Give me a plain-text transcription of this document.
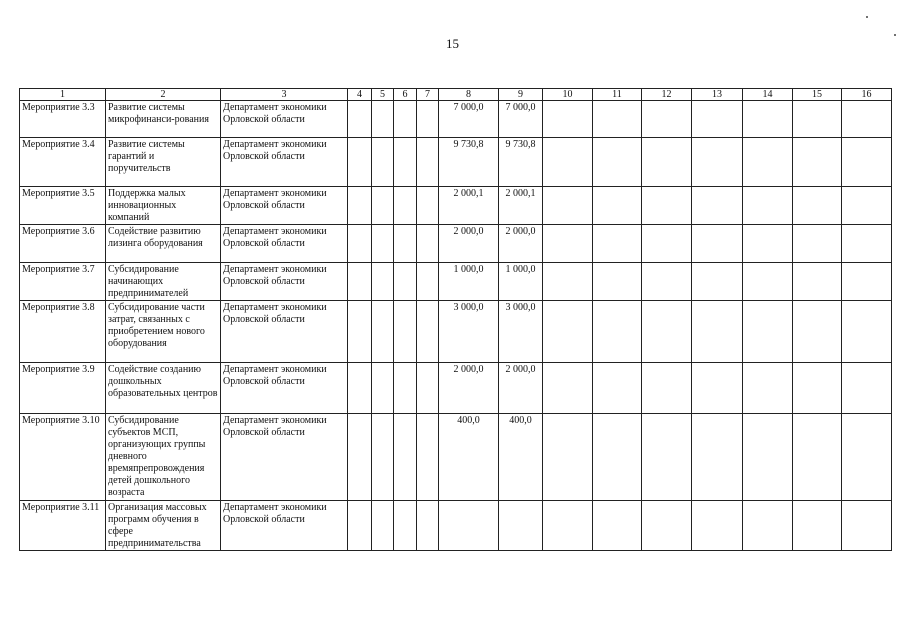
15
1	2	3	4	5	6	7	8	9	10	11	12	13	14	15	16
Мероприятие 3.3	Развитие системы микрофинанси-рования	Департамент экономики Орловской области					7 000,0	7 000,0							
Мероприятие 3.4	Развитие системы гарантий и поручительств	Департамент экономики Орловской области					9 730,8	9 730,8							
Мероприятие 3.5	Поддержка малых инновационных компаний	Департамент экономики Орловской области					2 000,1	2 000,1							
Мероприятие 3.6	Содействие развитию лизинга оборудования	Департамент экономики Орловской области					2 000,0	2 000,0							
Мероприятие 3.7	Субсидирование начинающих предпринимателей	Департамент экономики Орловской области					1 000,0	1 000,0							
Мероприятие 3.8	Субсидирование части затрат, связанных с приобретением нового оборудования	Департамент экономики Орловской области					3 000,0	3 000,0							
Мероприятие 3.9	Содействие созданию дошкольных образовательных центров	Департамент экономики Орловской области					2 000,0	2 000,0							
Мероприятие 3.10	Субсидирование субъектов МСП, организующих группы дневного времяпрепровождения детей дошкольного возраста	Департамент экономики Орловской области					400,0	400,0							
Мероприятие 3.11	Организация массовых программ обучения в сфере предпринимательства	Департамент экономики Орловской области													
